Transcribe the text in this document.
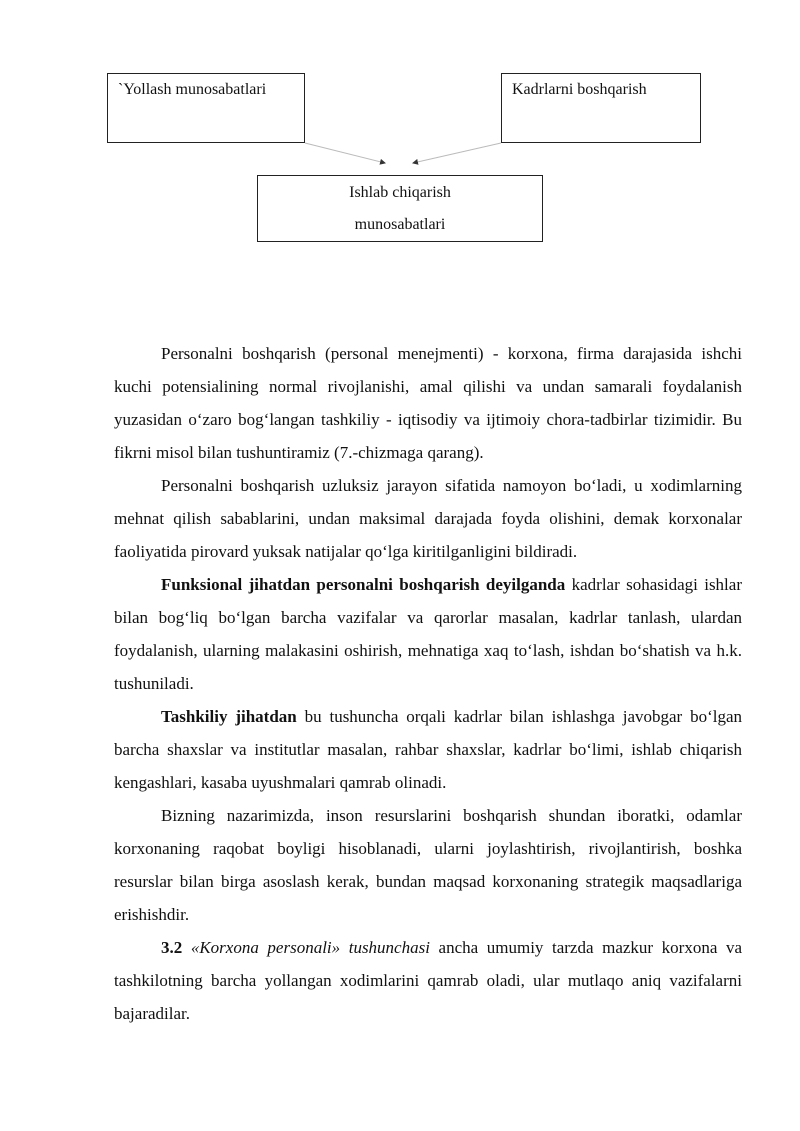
`Yollash munosabatlari	Kadrlarni boshqarish
Ishlab chiqarish
munosabatlari

Personalni boshqarish (personal menejmenti) - korxona, firma darajasida ishchi kuchi potensialining normal rivojlanishi, amal qilishi va undan samarali foydalanish yuzasidan o‘zaro bog‘langan tashkiliy - iqtisodiy va ijtimoiy chora-tadbirlar tizimidir. Bu fikrni misol bilan tushuntiramiz (7.-chizmaga qarang).

Personalni boshqarish uzluksiz jarayon sifatida namoyon bo‘ladi, u xodimlarning mehnat qilish sabablarini, undan maksimal darajada foyda olishini, demak korxonalar faoliyatida pirovard yuksak natijalar qo‘lga kiritilganligini bildiradi.

Funksional jihatdan personalni boshqarish deyilganda kadrlar sohasidagi ishlar bilan bog‘liq bo‘lgan barcha vazifalar va qarorlar masalan, kadrlar tanlash, ulardan foydalanish, ularning malakasini oshirish, mehnatiga xaq to‘lash, ishdan bo‘shatish va h.k. tushuniladi.

Tashkiliy jihatdan bu tushuncha orqali kadrlar bilan ishlashga javobgar bo‘lgan barcha shaxslar va institutlar masalan, rahbar shaxslar, kadrlar bo‘limi, ishlab chiqarish kengashlari, kasaba uyushmalari qamrab olinadi.

Bizning nazarimizda, inson resurslarini boshqarish shundan iboratki, odamlar korxonaning raqobat boyligi hisoblanadi, ularni joylashtirish, rivojlantirish, boshka resurslar bilan birga asoslash kerak, bundan maqsad korxonaning strategik maqsadlariga erishishdir.

3.2 «Korxona personali» tushunchasi ancha umumiy tarzda mazkur korxona va tashkilotning barcha yollangan xodimlarini qamrab oladi, ular mutlaqo aniq vazifalarni bajaradilar.
